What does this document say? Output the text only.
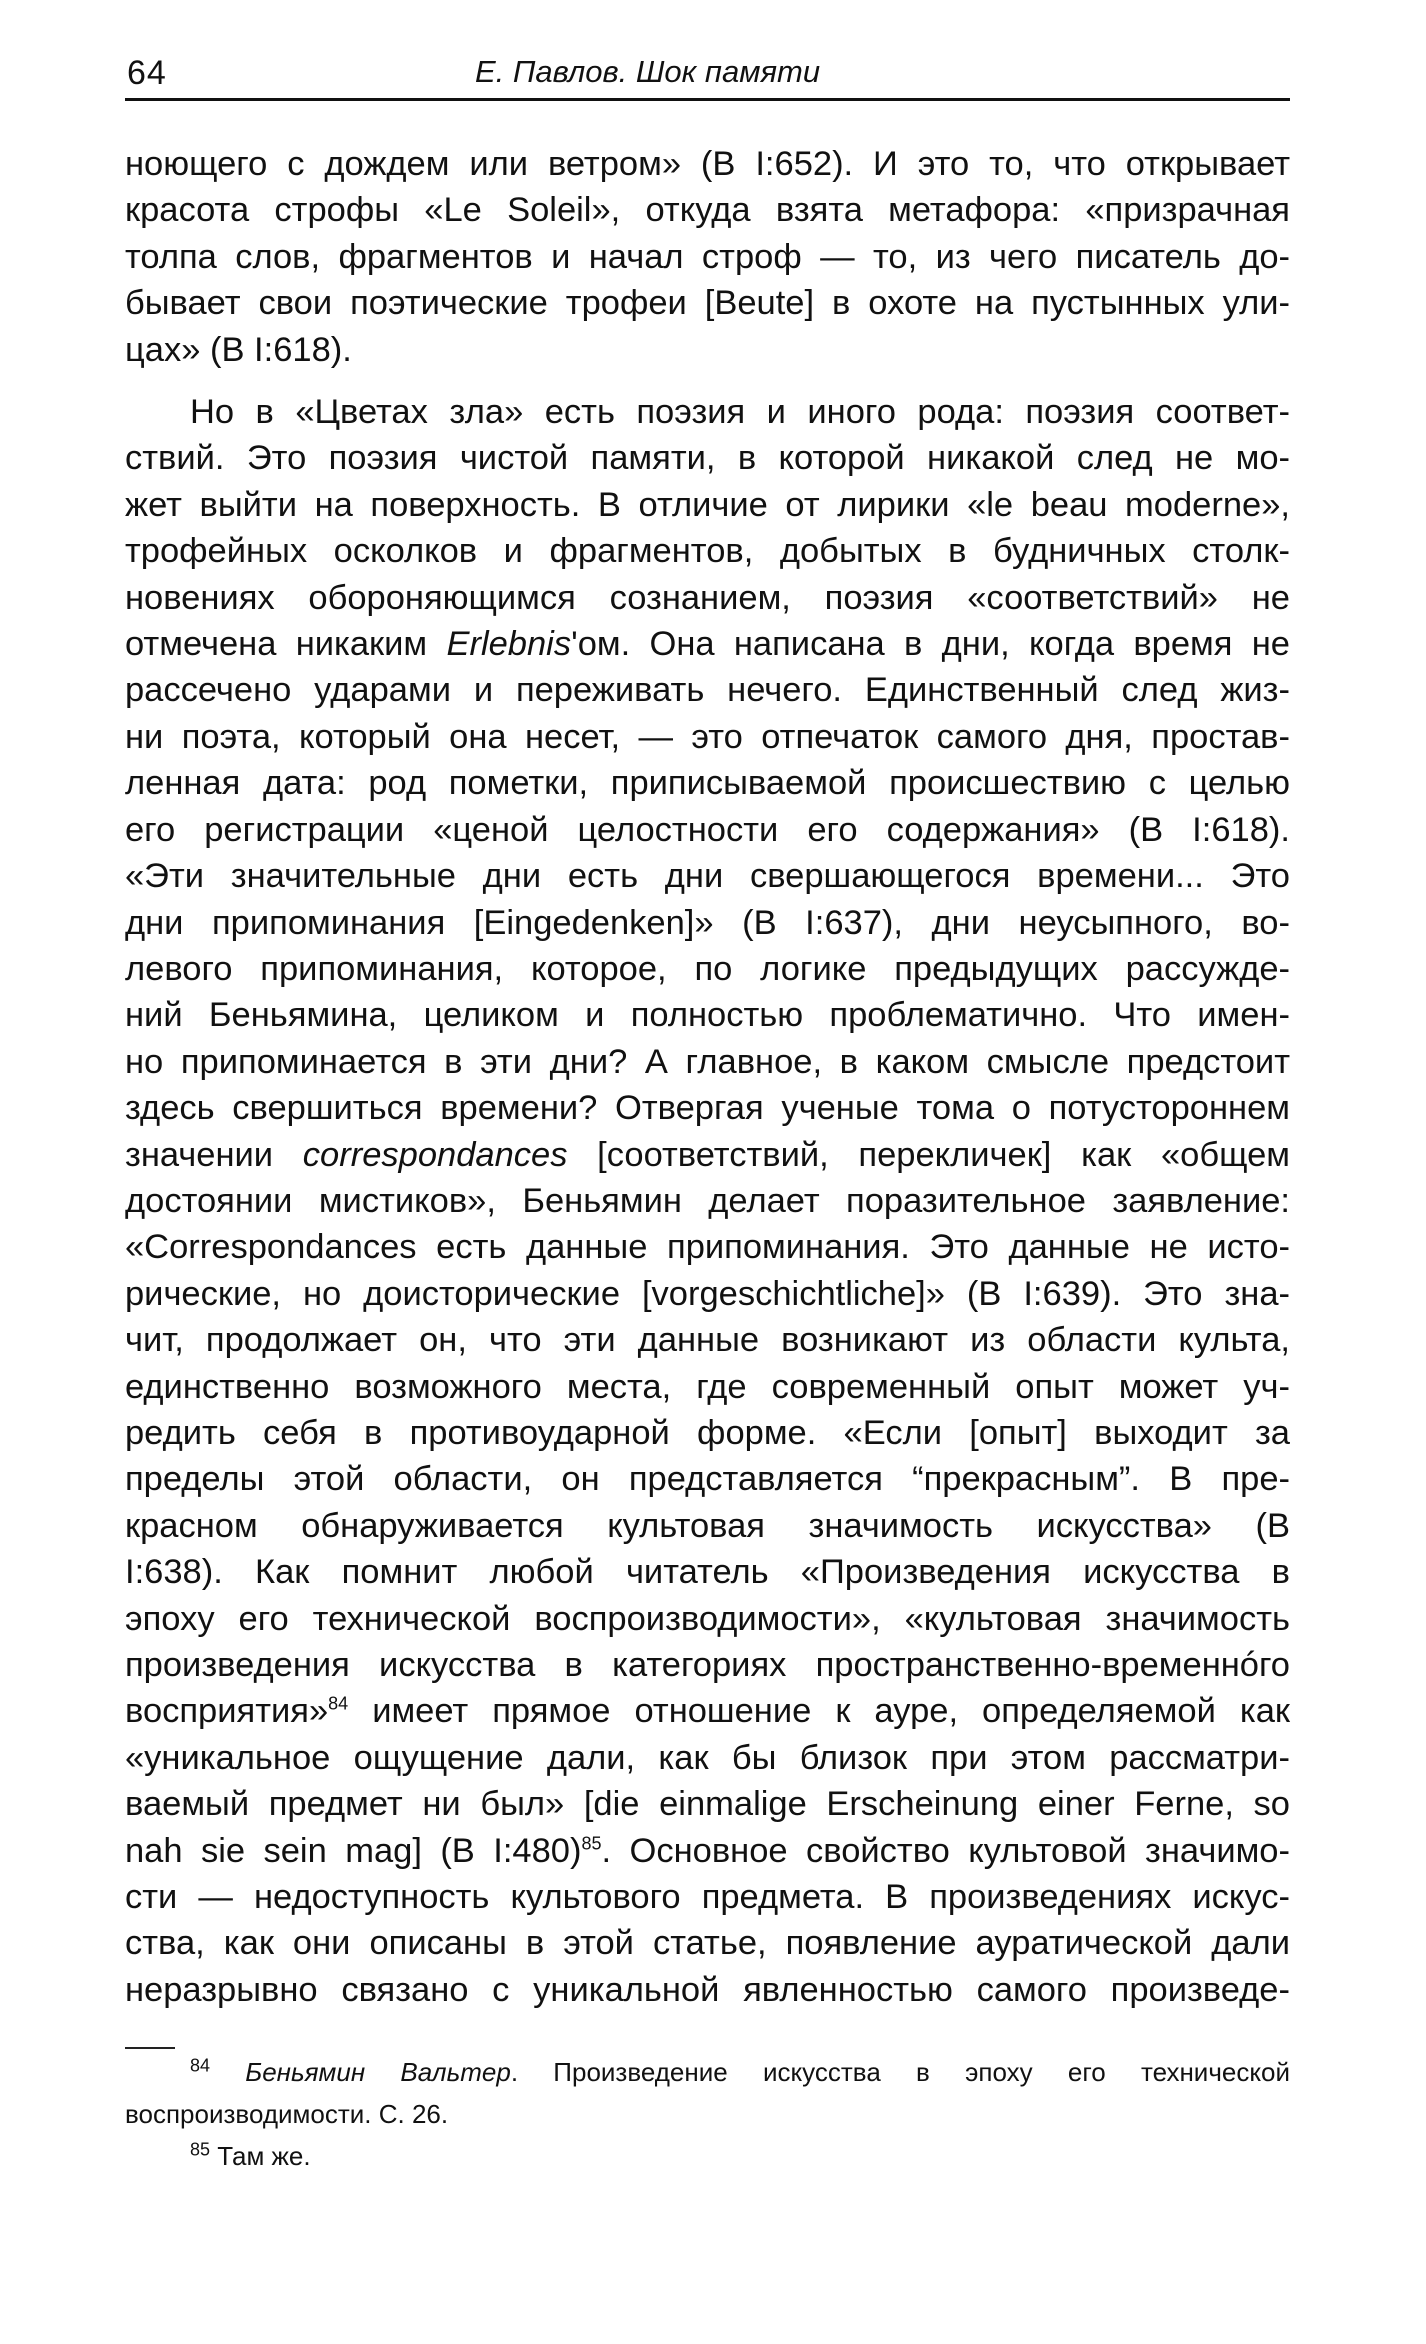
64	Е. Павлов. Шок памяти
ноющего с дождем или ветром» (B I:652). И это то, что открывает
красота строфы «Le Soleil», откуда взята метафора: «призрачная
толпа слов, фрагментов и начал строф — то, из чего писатель до-
бывает свои поэтические трофеи [Beute] в охоте на пустынных ули-
цах» (B I:618).
Но в «Цветах зла» есть поэзия и иного рода: поэзия соответ-
ствий. Это поэзия чистой памяти, в которой никакой след не мо-
жет выйти на поверхность. В отличие от лирики «le beau moderne»,
трофейных осколков и фрагментов, добытых в будничных столк-
новениях обороняющимся сознанием, поэзия «соответствий» не
отмечена никаким Erlebnis'ом. Она написана в дни, когда время не
рассечено ударами и переживать нечего. Единственный след жиз-
ни поэта, который она несет, — это отпечаток самого дня, простав-
ленная дата: род пометки, приписываемой происшествию с целью
его регистрации «ценой целостности его содержания» (B I:618).
«Эти значительные дни есть дни свершающегося времени... Это
дни припоминания [Eingedenken]» (B I:637), дни неусыпного, во-
левого припоминания, которое, по логике предыдущих рассужде-
ний Беньямина, целиком и полностью проблематично. Что имен-
но припоминается в эти дни? А главное, в каком смысле предстоит
здесь свершиться времени? Отвергая ученые тома о потустороннем
значении correspondances [соответствий, перекличек] как «общем
достоянии мистиков», Беньямин делает поразительное заявление:
«Correspondances есть данные припоминания. Это данные не исто-
рические, но доисторические [vorgeschichtliche]» (B I:639). Это зна-
чит, продолжает он, что эти данные возникают из области культа,
единственно возможного места, где современный опыт может уч-
редить себя в противоударной форме. «Если [опыт] выходит за
пределы этой области, он представляется “прекрасным”. В пре-
красном обнаруживается культовая значимость искусства» (B
I:638). Как помнит любой читатель «Произведения искусства в
эпоху его технической воспроизводимости», «культовая значимость
произведения искусства в категориях пространственно-временнóго
восприятия»$^{84}$ имеет прямое отношение к ауре, определяемой как
«уникальное ощущение дали, как бы близок при этом рассматри-
ваемый предмет ни был» [die einmalige Erscheinung einer Ferne, so
nah sie sein mag] (B I:480)$^{85}$. Основное свойство культовой значимо-
сти — недоступность культового предмета. В произведениях искус-
ства, как они описаны в этой статье, появление ауратической дали
неразрывно связано с уникальной явленностью самого произведе-
$^{84}$ Беньямин Вальтер. Произведение искусства в эпоху его технической
воспроизводимости. С. 26.
$^{85}$ Там же.
